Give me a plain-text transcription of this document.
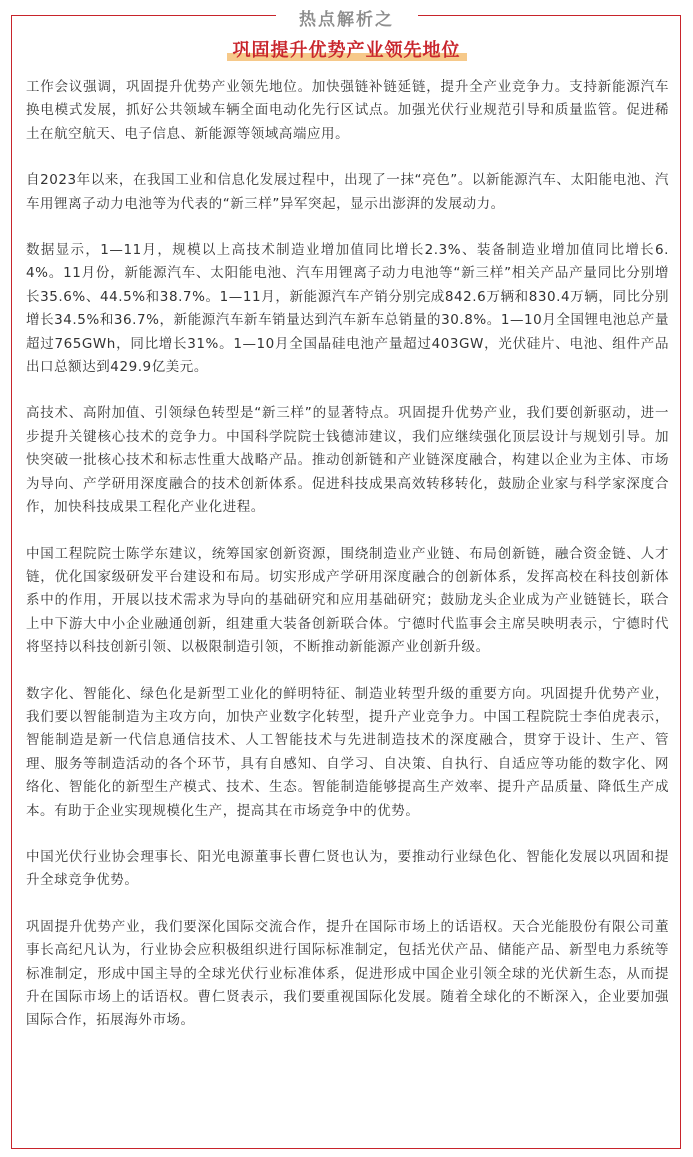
热点解析之
巩固提升优势产业领先地位

工作会议强调，巩固提升优势产业领先地位。加快强链补链延链，提升全产业竞争力。支持新能源汽车换电模式发展，抓好公共领域车辆全面电动化先行区试点。加强光伏行业规范引导和质量监管。促进稀土在航空航天、电子信息、新能源等领域高端应用。

自2023年以来，在我国工业和信息化发展过程中，出现了一抹“亮色”。以新能源汽车、太阳能电池、汽车用锂离子动力电池等为代表的“新三样”异军突起，显示出澎湃的发展动力。

数据显示，1—11月，规模以上高技术制造业增加值同比增长2.3%、装备制造业增加值同比增长6.4%。11月份，新能源汽车、太阳能电池、汽车用锂离子动力电池等“新三样”相关产品产量同比分别增长35.6%、44.5%和38.7%。1—11月，新能源汽车产销分别完成842.6万辆和830.4万辆，同比分别增长34.5%和36.7%，新能源汽车新车销量达到汽车新车总销量的30.8%。1—10月全国锂电池总产量超过765GWh，同比增长31%。1—10月全国晶硅电池产量超过403GW，光伏硅片、电池、组件产品出口总额达到429.9亿美元。

高技术、高附加值、引领绿色转型是“新三样”的显著特点。巩固提升优势产业，我们要创新驱动，进一步提升关键核心技术的竞争力。中国科学院院士钱德沛建议，我们应继续强化顶层设计与规划引导。加快突破一批核心技术和标志性重大战略产品。推动创新链和产业链深度融合，构建以企业为主体、市场为导向、产学研用深度融合的技术创新体系。促进科技成果高效转移转化，鼓励企业家与科学家深度合作，加快科技成果工程化产业化进程。

中国工程院院士陈学东建议，统筹国家创新资源，围绕制造业产业链、布局创新链，融合资金链、人才链，优化国家级研发平台建设和布局。切实形成产学研用深度融合的创新体系，发挥高校在科技创新体系中的作用，开展以技术需求为导向的基础研究和应用基础研究；鼓励龙头企业成为产业链链长，联合上中下游大中小企业融通创新，组建重大装备创新联合体。宁德时代监事会主席吴映明表示，宁德时代将坚持以科技创新引领、以极限制造引领，不断推动新能源产业创新升级。

数字化、智能化、绿色化是新型工业化的鲜明特征、制造业转型升级的重要方向。巩固提升优势产业，我们要以智能制造为主攻方向，加快产业数字化转型，提升产业竞争力。中国工程院院士李伯虎表示，智能制造是新一代信息通信技术、人工智能技术与先进制造技术的深度融合，贯穿于设计、生产、管理、服务等制造活动的各个环节，具有自感知、自学习、自决策、自执行、自适应等功能的数字化、网络化、智能化的新型生产模式、技术、生态。智能制造能够提高生产效率、提升产品质量、降低生产成本。有助于企业实现规模化生产，提高其在市场竞争中的优势。

中国光伏行业协会理事长、阳光电源董事长曹仁贤也认为，要推动行业绿色化、智能化发展以巩固和提升全球竞争优势。

巩固提升优势产业，我们要深化国际交流合作，提升在国际市场上的话语权。天合光能股份有限公司董事长高纪凡认为，行业协会应积极组织进行国际标准制定，包括光伏产品、储能产品、新型电力系统等标准制定，形成中国主导的全球光伏行业标准体系，促进形成中国企业引领全球的光伏新生态，从而提升在国际市场上的话语权。曹仁贤表示，我们要重视国际化发展。随着全球化的不断深入，企业要加强国际合作，拓展海外市场。
